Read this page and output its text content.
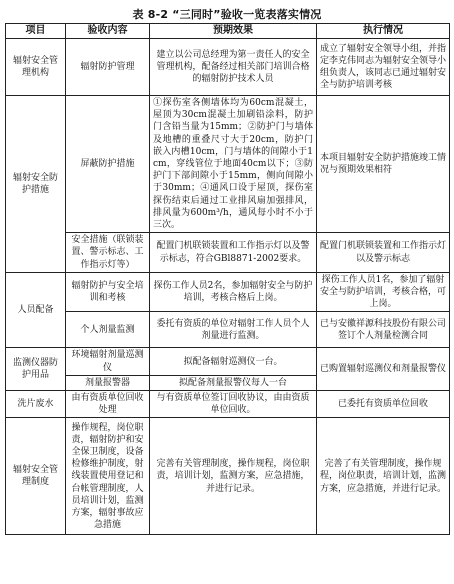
表 8-2 “三同时”验收一览表落实情况
项目	验收内容	预期效果	执行情况
辐射安全管理机构	辐射防护管理	建立以公司总经理为第一责任人的安全管理机构，配备经过相关部门培训合格的辐射防护技术人员	成立了辐射安全领导小组，并指定李克伟同志为辐射安全领导小组负责人，该同志已通过辐射安全与防护培训考核
辐射安全防护措施	屏蔽防护措施	①探伤室各侧墙体均为60cm混凝土，屋顶为30cm混凝土加刷铅涂料，防护门含铅当量为15mm；②防护门与墙体及地槽的重叠尺寸大于20cm，防护门嵌入内槽10cm，门与墙体的间隙小于1cm，穿线管位于地面40cm以下；③防护门下部间隙小于15mm，侧向间隙小于30mm；④通风口设于屋顶，探伤室探伤结束后通过工业排风扇加强排风，排风量为600m³/h，通风每小时不小于三次。	本项目辐射安全防护措施竣工情况与预期效果相符
	安全措施（联锁装置、警示标志、工作指示灯等）	配置门机联锁装置和工作指示灯以及警示标志，符合GBl8871-2002要求。	配置门机联锁装置和工作指示灯以及警示标志
人员配备	辐射防护与安全培训和考核	探伤工作人员2名，参加辐射安全与防护培训，考核合格后上岗。	探伤工作人员1名，参加了辐射安全与防护培训，考核合格，可上岗。
	个人剂量监测	委托有资质的单位对辐射工作人员个人剂量进行监测。	已与安徽祥源科技股份有限公司签订个人剂量检测合同
监测仪器防护用品	环境辐射剂量巡测仪	拟配备辐射巡测仪一台。	已购置辐射巡测仪和剂量报警仪
	剂量报警器	拟配备剂量报警仪每人一台	
洗片废水	由有资质单位回收处理	与有资质单位签订回收协议，由由资质单位回收。	已委托有资质单位回收
辐射安全管理制度	操作规程，岗位职责，辐射防护和安全保卫制度，设备检修维护制度，射线装置使用登记和台帐管理制度，人员培训计划，监测方案，辐射事故应急措施	完善有关管理制度，操作规程，岗位职责，培训计划，监测方案，应急措施，并进行记录。	完善了有关管理制度，操作规程，岗位职责，培训计划，监测方案，应急措施，并进行记录。
